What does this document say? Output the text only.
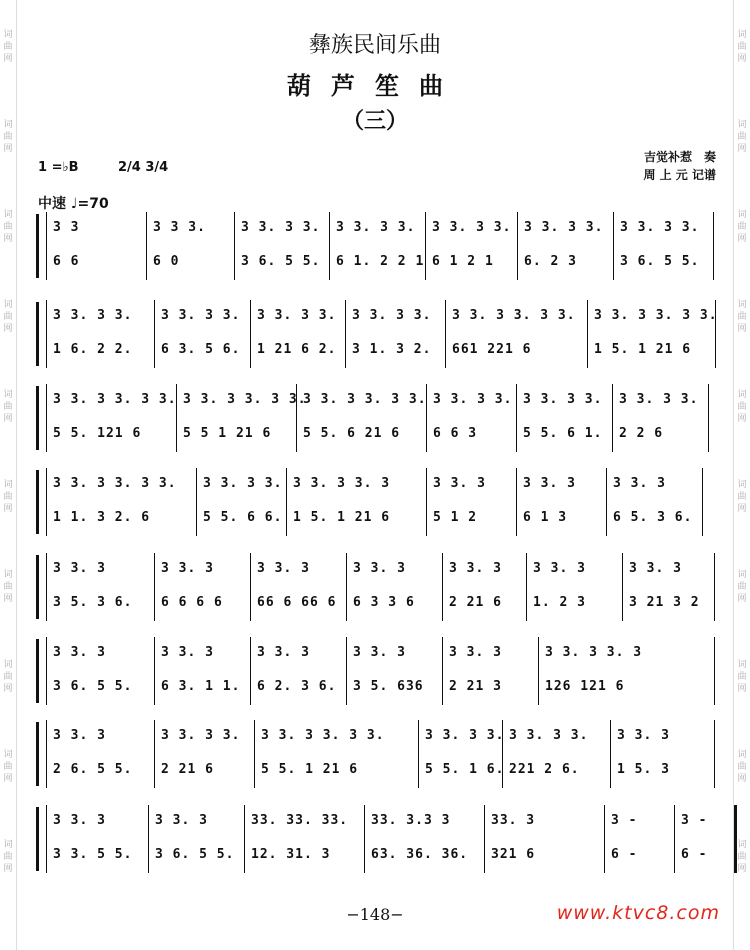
词
曲
网
词
曲
网
词
曲
网
词
曲
网
词
曲
网
词
曲
网
词
曲
网
词
曲
网
词
曲
网
词
曲
网
词
曲
网
词
曲
网
词
曲
网
词
曲
网
词
曲
网
词
曲
网
词
曲
网
词
曲
网
词
曲
网
词
曲
网
彝族民间乐曲
葫芦笙曲
（三）
1 =♭B	2/4 3/4
吉觉补惹　奏
周 上 元 记谱
中速 ♩=70
3 3
6 6
3 3 3.
6 0
3 3. 3 3.
3 6. 5 5.
3 3. 3 3.
6 1. 2 2 1
3 3. 3 3.
6 1 2 1
3 3. 3 3.
6. 2 3
3 3. 3 3.
3 6. 5 5.
3 3. 3 3.
1 6. 2 2.
3 3. 3 3.
6 3. 5 6.
3 3. 3 3.
1 21 6 2.
3 3. 3 3.
3 1. 3 2.
3 3. 3 3. 3 3.
661 221 6
3 3. 3 3. 3 3.
1 5. 1 21 6
3 3. 3 3. 3 3.
5 5. 121 6
3 3. 3 3. 3 3.
5 5 1 21 6
3 3. 3 3. 3 3.
5 5. 6 21 6
3 3. 3 3.
6 6 3
3 3. 3 3.
5 5. 6 1.
3 3. 3 3.
2 2 6
3 3. 3 3. 3 3.
1 1. 3 2. 6
3 3. 3 3.
5 5. 6 6.
3 3. 3 3. 3
1 5. 1 21 6
3 3. 3
5 1 2
3 3. 3
6 1 3
3 3. 3
6 5. 3 6.
3 3. 3
3 5. 3 6.
3 3. 3
6 6 6 6
3 3. 3
66 6 66 6
3 3. 3
6 3 3 6
3 3. 3
2 21 6
3 3. 3
1. 2 3
3 3. 3
3 21 3 2
3 3. 3
3 6. 5 5.
3 3. 3
6 3. 1 1.
3 3. 3
6 2. 3 6.
3 3. 3
3 5. 636
3 3. 3
2 21 3
3 3. 3 3. 3
126 121 6
3 3. 3
2 6. 5 5.
3 3. 3 3.
2 21 6
3 3. 3 3. 3 3.
5 5. 1 21 6
3 3. 3 3.
5 5. 1 6.
3 3. 3 3.
221 2 6.
3 3. 3
1 5. 3
3 3. 3
3 3. 5 5.
3 3. 3
3 6. 5 5.
33. 33. 33.
12. 31. 3
33. 3.3 3
63. 36. 36.
33. 3
321 6
3 -
6 -
3 -
6 -
−148−	www.ktvc8.com
